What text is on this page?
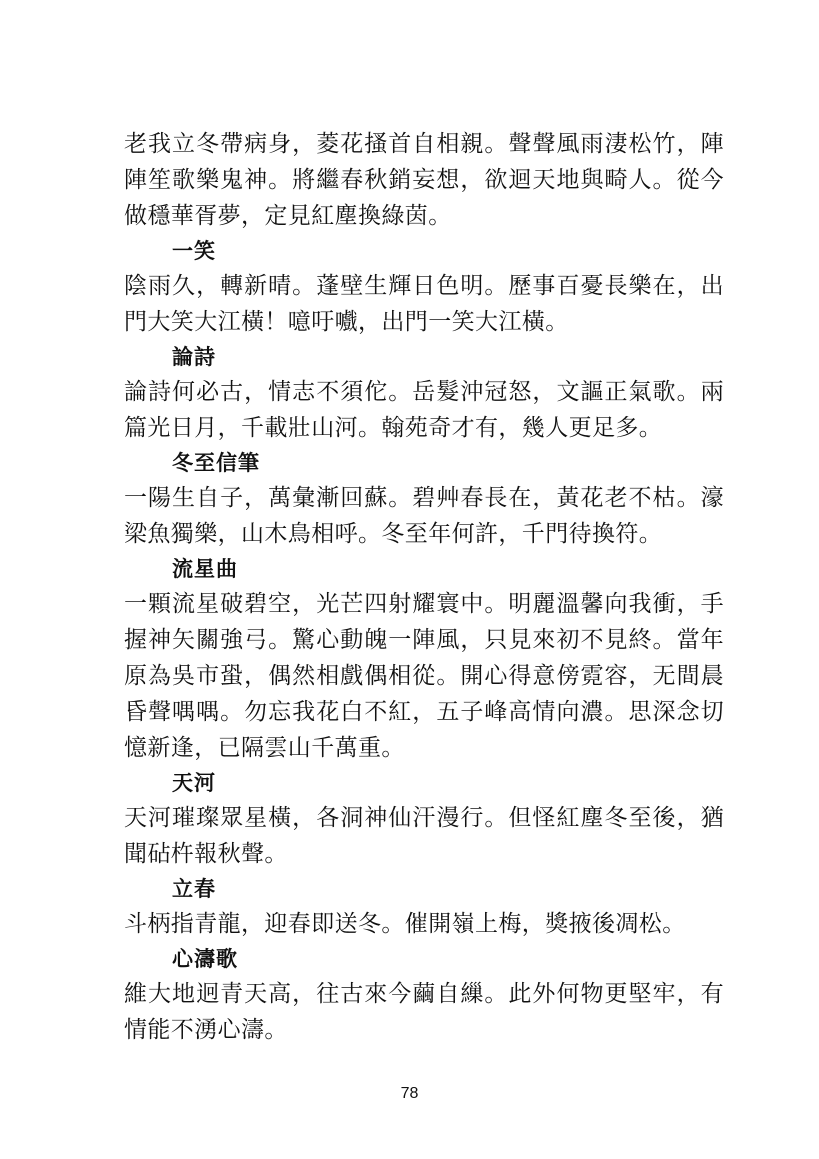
老我立冬帶病身，菱花搔首自相親。聲聲風雨淒松竹，陣陣笙歌樂鬼神。將繼春秋銷妄想，欲迴天地與畸人。從今做穩華胥夢，定見紅塵換綠茵。

一笑

陰雨久，轉新晴。蓬壁生輝日色明。歷事百憂長樂在，出門大笑大江橫！噫吁嚱，出門一笑大江橫。

論詩

論詩何必古，情志不須佗。岳髮沖冠怒，文謳正氣歌。兩篇光日月，千載壯山河。翰苑奇才有，幾人更足多。

冬至信筆

一陽生自子，萬彙漸回蘇。碧艸春長在，黃花老不枯。濠梁魚獨樂，山木鳥相呼。冬至年何許，千門待換符。

流星曲

一顆流星破碧空，光芒四射耀寰中。明麗溫馨向我衝，手握神矢關強弓。驚心動魄一陣風，只見來初不見終。當年原為吳市蛩，偶然相戲偶相從。開心得意傍霓容，无間晨昏聲喁喁。勿忘我花白不紅，五子峰高情向濃。思深念切憶新逢，已隔雲山千萬重。

天河

天河璀璨眾星橫，各洞神仙汗漫行。但怪紅塵冬至後，猶聞砧杵報秋聲。

立春

斗柄指青龍，迎春即送冬。催開嶺上梅，獎掖後凋松。

心濤歌

維大地迥青天高，往古來今繭自繅。此外何物更堅牢，有情能不湧心濤。

78
